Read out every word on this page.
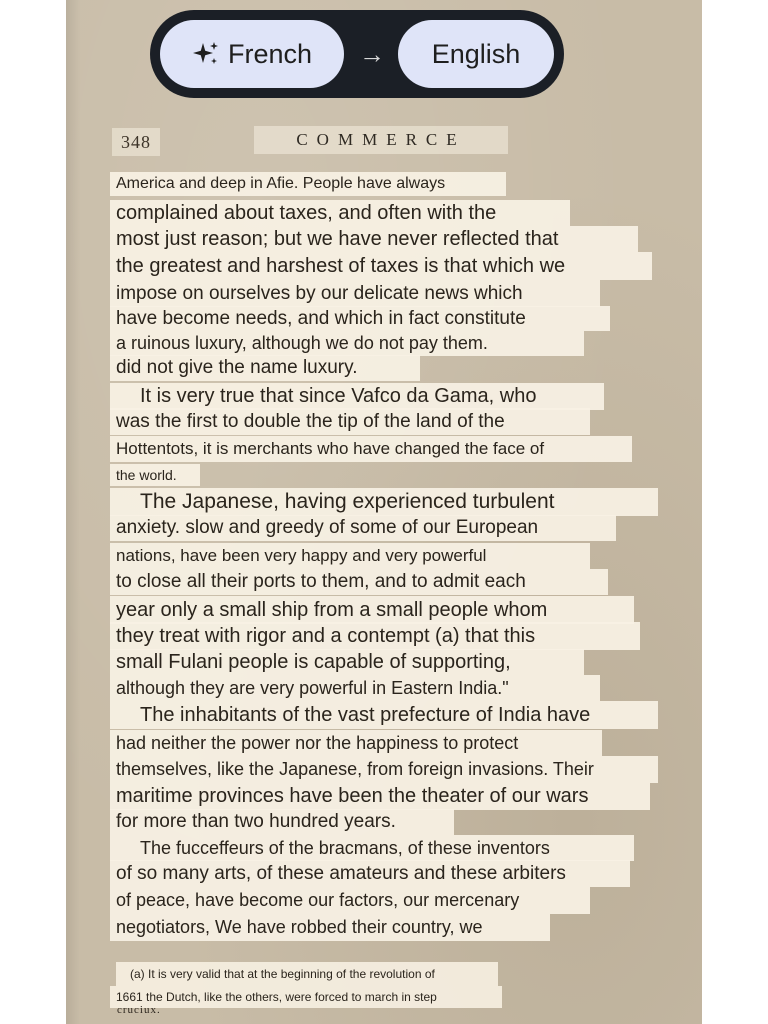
French → English
348	COMMERCE
America and deep in Afie. People have always
complained about taxes, and often with the
most just reason; but we have never reflected that
the greatest and harshest of taxes is that which we
impose on ourselves by our delicate news which
have become needs, and which in fact constitute
a ruinous luxury, although we do not pay them.
did not give the name luxury.
It is very true that since Vafco da Gama, who
was the first to double the tip of the land of the
Hottentots, it is merchants who have changed the face of
the world.
The Japanese, having experienced turbulent
anxiety. slow and greedy of some of our European
nations, have been very happy and very powerful
to close all their ports to them, and to admit each
year only a small ship from a small people whom
they treat with rigor and a contempt (a) that this
small Fulani people is capable of supporting,
although they are very powerful in Eastern India."
The inhabitants of the vast prefecture of India have
had neither the power nor the happiness to protect
themselves, like the Japanese, from foreign invasions. Their
maritime provinces have been the theater of our wars
for more than two hundred years.
The fucceffeurs of the bracmans, of these inventors
of so many arts, of these amateurs and these arbiters
of peace, have become our factors, our mercenary
negotiators, We have robbed their country, we
(a) It is very valid that at the beginning of the revolution of
1661 the Dutch, like the others, were forced to march in step
cruciux.
